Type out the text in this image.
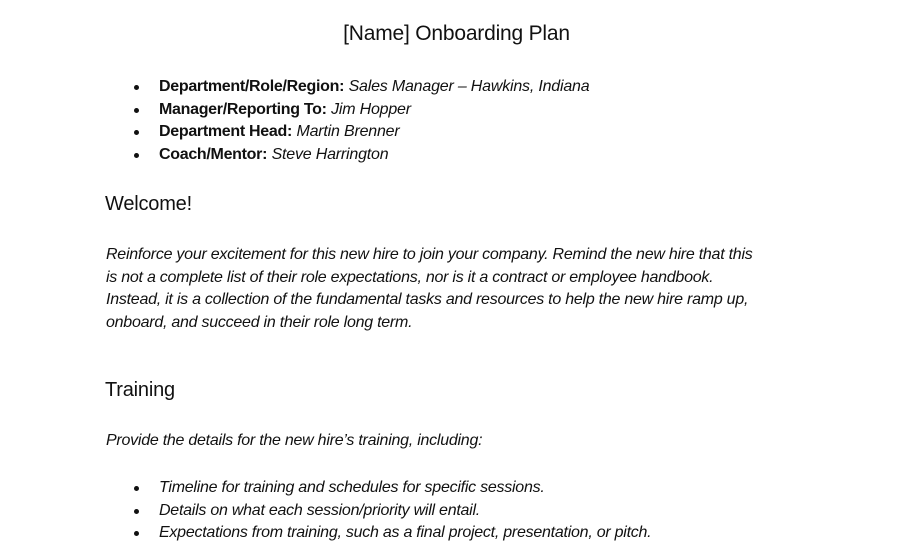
[Name] Onboarding Plan
Department/Role/Region: Sales Manager – Hawkins, Indiana
Manager/Reporting To: Jim Hopper
Department Head: Martin Brenner
Coach/Mentor: Steve Harrington
Welcome!
Reinforce your excitement for this new hire to join your company. Remind the new hire that this
is not a complete list of their role expectations, nor is it a contract or employee handbook.
Instead, it is a collection of the fundamental tasks and resources to help the new hire ramp up,
onboard, and succeed in their role long term.
Training
Provide the details for the new hire’s training, including:
Timeline for training and schedules for specific sessions.
Details on what each session/priority will entail.
Expectations from training, such as a final project, presentation, or pitch.
